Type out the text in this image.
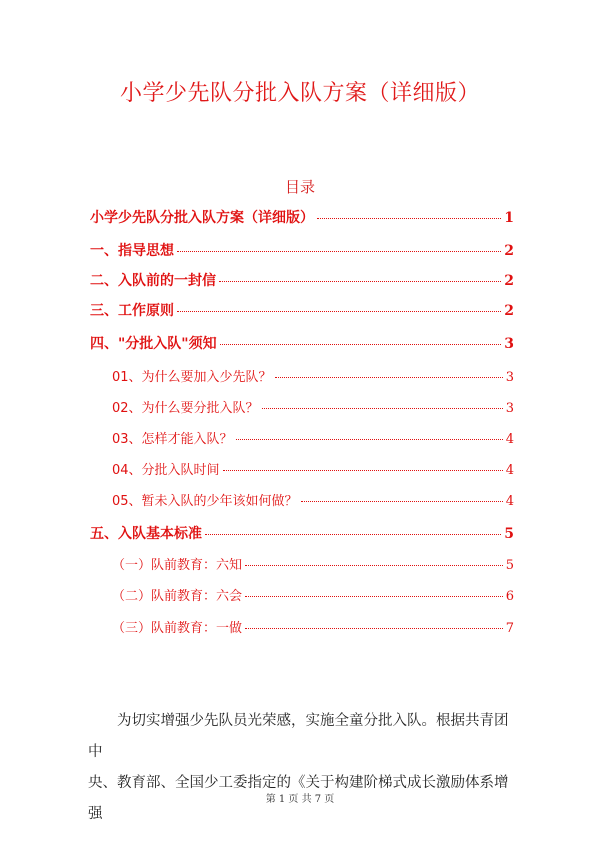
小学少先队分批入队方案（详细版）
目录
小学少先队分批入队方案（详细版）	1
一、指导思想	2
二、入队前的一封信	2
三、工作原则	2
四、"分批入队"须知	3
01、为什么要加入少先队？	3
02、为什么要分批入队？	3
03、怎样才能入队？	4
04、分批入队时间	4
05、暂未入队的少年该如何做？	4
五、入队基本标准	5
（一）队前教育：六知	5
（二）队前教育：六会	6
（三）队前教育：一做	7

为切实增强少先队员光荣感，实施全童分批入队。根据共青团中

央、教育部、全国少工委指定的《关于构建阶梯式成长激励体系增强

第 1 页 共 7 页
